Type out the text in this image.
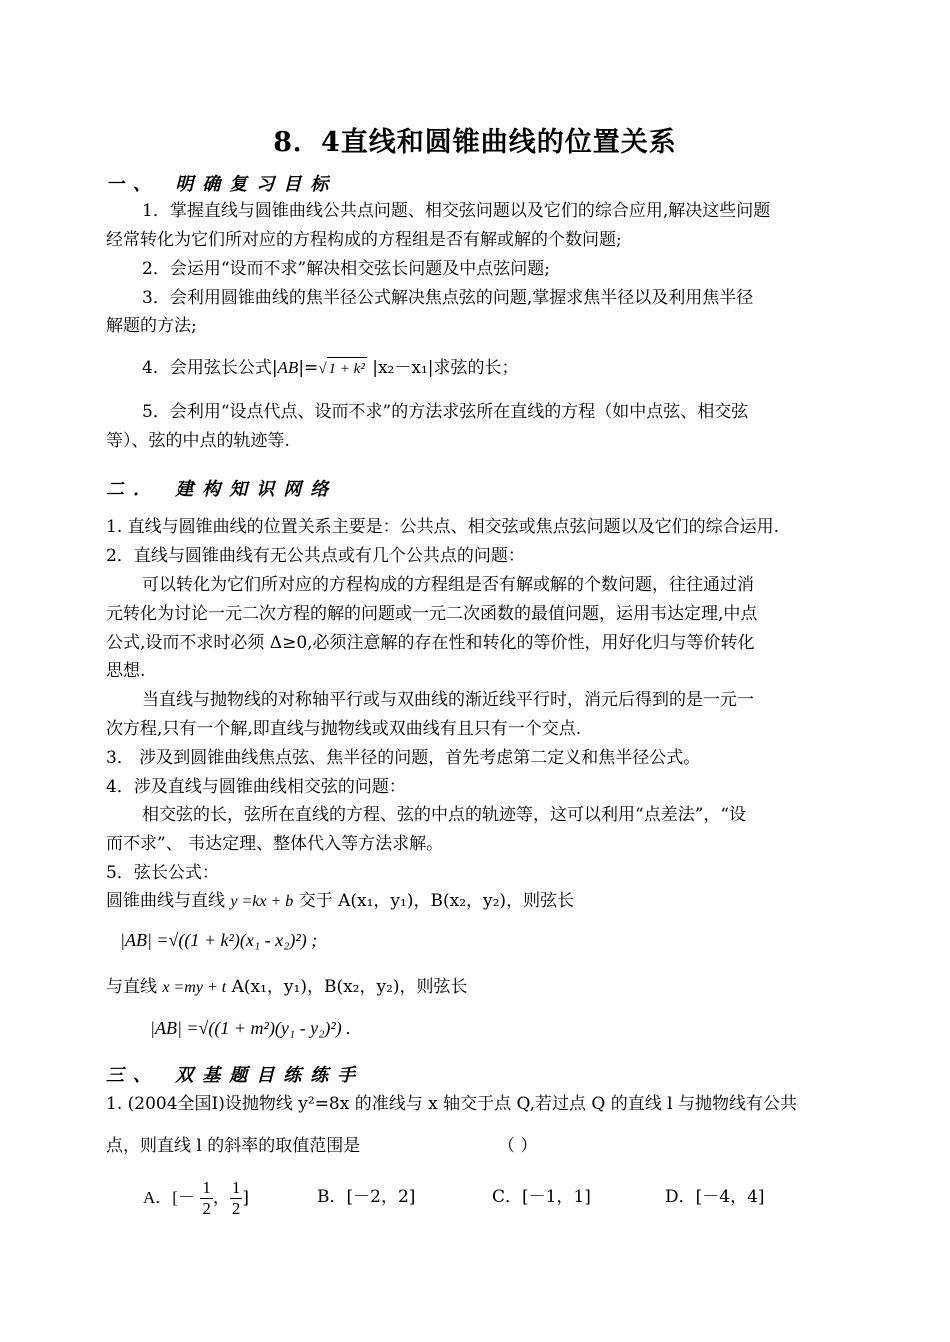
8．4直线和圆锥曲线的位置关系
一、 明确复习目标
1．掌握直线与圆锥曲线公共点问题、相交弦问题以及它们的综合应用,解决这些问题
经常转化为它们所对应的方程构成的方程组是否有解或解的个数问题;
2．会运用“设而不求”解决相交弦长问题及中点弦问题;
3．会利用圆锥曲线的焦半径公式解决焦点弦的问题,掌握求焦半径以及利用焦半径
解题的方法;
4．会用弦长公式|AB|=√ 1 + k² |x₂－x₁|求弦的长；
5．会利用“设点代点、设而不求”的方法求弦所在直线的方程（如中点弦、相交弦
等）、弦的中点的轨迹等.
二． 建构知识网络
1. 直线与圆锥曲线的位置关系主要是：公共点、相交弦或焦点弦问题以及它们的综合运用.
2．直线与圆锥曲线有无公共点或有几个公共点的问题：
可以转化为它们所对应的方程构成的方程组是否有解或解的个数问题，往往通过消
元转化为讨论一元二次方程的解的问题或一元二次函数的最值问题，运用韦达定理,中点
公式,设而不求时必须 Δ≥0,必须注意解的存在性和转化的等价性，用好化归与等价转化
思想.
当直线与抛物线的对称轴平行或与双曲线的渐近线平行时，消元后得到的是一元一
次方程,只有一个解,即直线与抛物线或双曲线有且只有一个交点.
3． 涉及到圆锥曲线焦点弦、焦半径的问题，首先考虑第二定义和焦半径公式。
4．涉及直线与圆锥曲线相交弦的问题：
相交弦的长，弦所在直线的方程、弦的中点的轨迹等，这可以利用“点差法”，“设
而不求”、 韦达定理、整体代入等方法求解。
5．弦长公式：
圆锥曲线与直线 y =kx + b 交于 A(x₁，y₁)，B(x₂，y₂)，则弦长
|AB| =√((1 + k²)(x₁ - x₂)²) ;
与直线 x =my + t A(x₁，y₁)，B(x₂，y₂)，则弦长
|AB| =√((1 + m²)(y₁ - y₂)²) .
三、 双基题目练练手
1. (2004全国I)设抛物线 y²=8x 的准线与 x 轴交于点 Q,若过点 Q 的直线 l 与抛物线有公共
点，则直线 l 的斜率的取值范围是	（ ）
A．[－ $\frac{1}{2}$ ， $\frac{1}{2}$ ]	B．[－2，2]	C．[－1，1]	D．[－4，4]
